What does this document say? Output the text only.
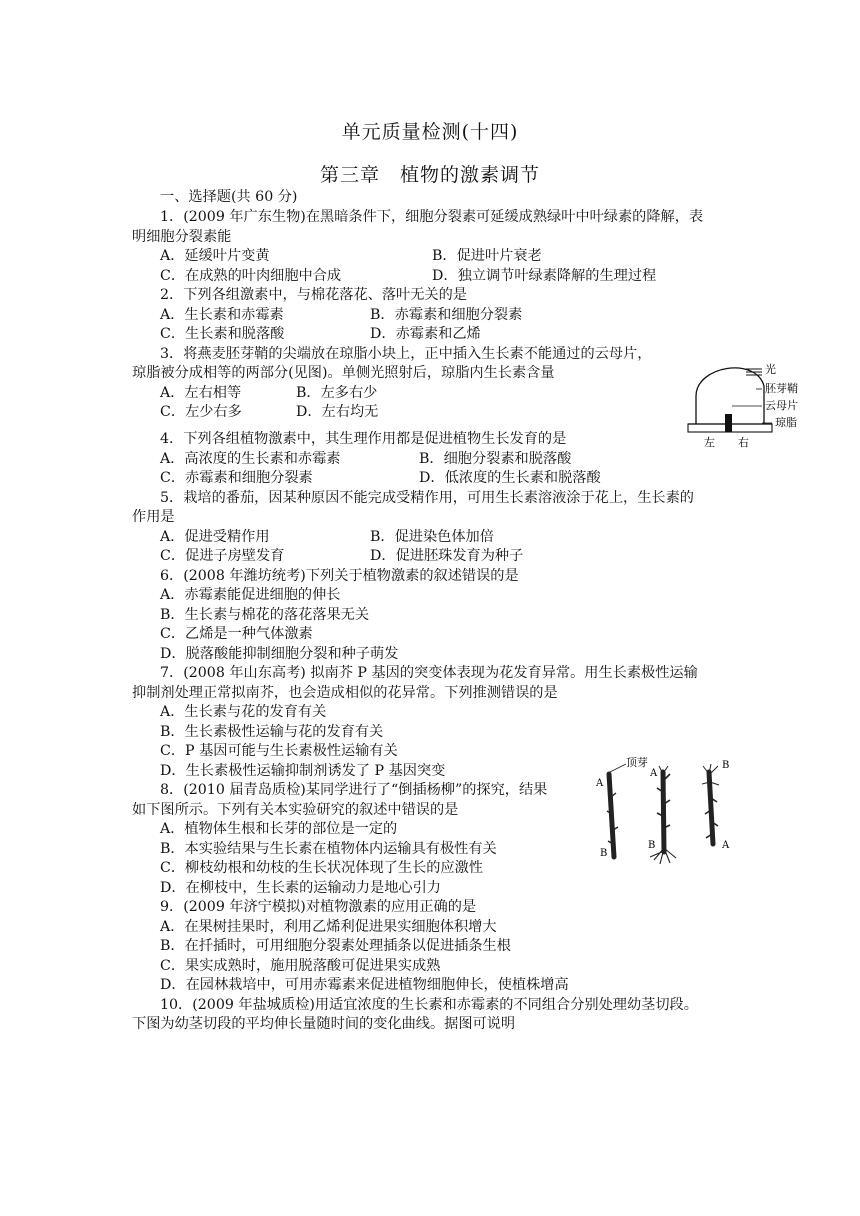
单元质量检测(十四)
第三章　植物的激素调节
一、选择题(共 60 分)
1．(2009 年广东生物)在黑暗条件下，细胞分裂素可延缓成熟绿叶中叶绿素的降解，表
明细胞分裂素能
A．延缓叶片变黄	B．促进叶片衰老
C．在成熟的叶肉细胞中合成	D．独立调节叶绿素降解的生理过程
2．下列各组激素中，与棉花落花、落叶无关的是
A．生长素和赤霉素	B．赤霉素和细胞分裂素
C．生长素和脱落酸	D．赤霉素和乙烯
3．将燕麦胚芽鞘的尖端放在琼脂小块上，正中插入生长素不能通过的云母片，
琼脂被分成相等的两部分(见图)。单侧光照射后，琼脂内生长素含量
A．左右相等	B．左多右少
C．左少右多	D．左右均无
光
胚芽鞘
云母片
琼脂
左 右
4．下列各组植物激素中，其生理作用都是促进植物生长发育的是
A．高浓度的生长素和赤霉素	B．细胞分裂素和脱落酸
C．赤霉素和细胞分裂素	D．低浓度的生长素和脱落酸
5．栽培的番茄，因某种原因不能完成受精作用，可用生长素溶液涂于花上，生长素的
作用是
A．促进受精作用	B．促进染色体加倍
C．促进子房壁发育	D．促进胚珠发育为种子
6．(2008 年潍坊统考)下列关于植物激素的叙述错误的是
A．赤霉素能促进细胞的伸长
B．生长素与棉花的落花落果无关
C．乙烯是一种气体激素
D．脱落酸能抑制细胞分裂和种子萌发
7．(2008 年山东高考) 拟南芥 P 基因的突变体表现为花发育异常。用生长素极性运输
抑制剂处理正常拟南芥，也会造成相似的花异常。下列推测错误的是
A．生长素与花的发育有关
B．生长素极性运输与花的发育有关
C．P 基因可能与生长素极性运输有关
D．生长素极性运输抑制剂诱发了 P 基因突变
8．(2010 届青岛质检)某同学进行了“倒插杨柳”的探究，结果
如下图所示。下列有关本实验研究的叙述中错误的是
A．植物体生根和长芽的部位是一定的
B．本实验结果与生长素在植物体内运输具有极性有关
C．柳枝幼根和幼枝的生长状况体现了生长的应激性
D．在柳枝中，生长素的运输动力是地心引力
顶芽
A
B
A
B
B
A
9．(2009 年济宁模拟)对植物激素的应用正确的是
A．在果树挂果时，利用乙烯利促进果实细胞体积增大
B．在扦插时，可用细胞分裂素处理插条以促进插条生根
C．果实成熟时，施用脱落酸可促进果实成熟
D．在园林栽培中，可用赤霉素来促进植物细胞伸长，使植株增高
10．(2009 年盐城质检)用适宜浓度的生长素和赤霉素的不同组合分别处理幼茎切段。
下图为幼茎切段的平均伸长量随时间的变化曲线。据图可说明
